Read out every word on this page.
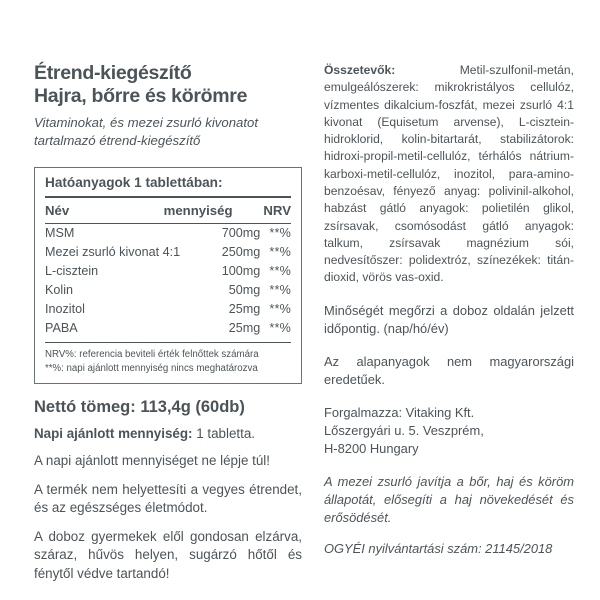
Étrend-kiegészítő
Hajra, bőrre és körömre
Vitaminokat, és mezei zsurló kivonatot tartalmazó étrend-kiegészítő
Hatóanyagok 1 tablettában:
Név	mennyiség	NRV
MSM	700mg	**%
Mezei zsurló kivonat 4:1	250mg	**%
L-cisztein	100mg	**%
Kolin	50mg	**%
Inozitol	25mg	**%
PABA	25mg	**%
NRV%: referencia beviteli érték felnőttek számára
**%: napi ajánlott mennyiség nincs meghatározva
Nettó tömeg: 113,4g (60db)
Napi ajánlott mennyiség: 1 tabletta.

A napi ajánlott mennyiséget ne lépje túl!

A termék nem helyettesíti a vegyes étrendet, és az egészséges életmódot.

A doboz gyermekek elől gondosan elzárva, száraz, hűvös helyen, sugárzó hőtől és fénytől védve tartandó!

Összetevők: Metil-szulfonil-metán, emulgeálószerek: mikrokristályos cellulóz, vízmentes dikalcium-foszfát, mezei zsurló 4:1 kivonat (Equisetum arvense), L-cisztein-hidroklorid, kolin-bitartarát, stabilizátorok: hidroxi-propil-metil-cellulóz, térhálós nátrium-karboxi-metil-cellulóz, inozitol, para-amino-benzoésav, fényező anyag: polivinil-alkohol, habzást gátló anyagok: polietilén glikol, zsírsavak, csomósodást gátló anyagok: talkum, zsírsavak magnézium sói, nedvesítőszer: polidextróz, színezékek: titán-dioxid, vörös vas-oxid.

Minőségét megőrzi a doboz oldalán jelzett időpontig. (nap/hó/év)

Az alapanyagok nem magyarországi eredetűek.

Forgalmazza: Vitaking Kft.
Lőszergyári u. 5. Veszprém,
H-8200 Hungary

A mezei zsurló javítja a bőr, haj és köröm állapotát, elősegíti a haj növekedését és erősödését.

OGYÉI nyilvántartási szám: 21145/2018
